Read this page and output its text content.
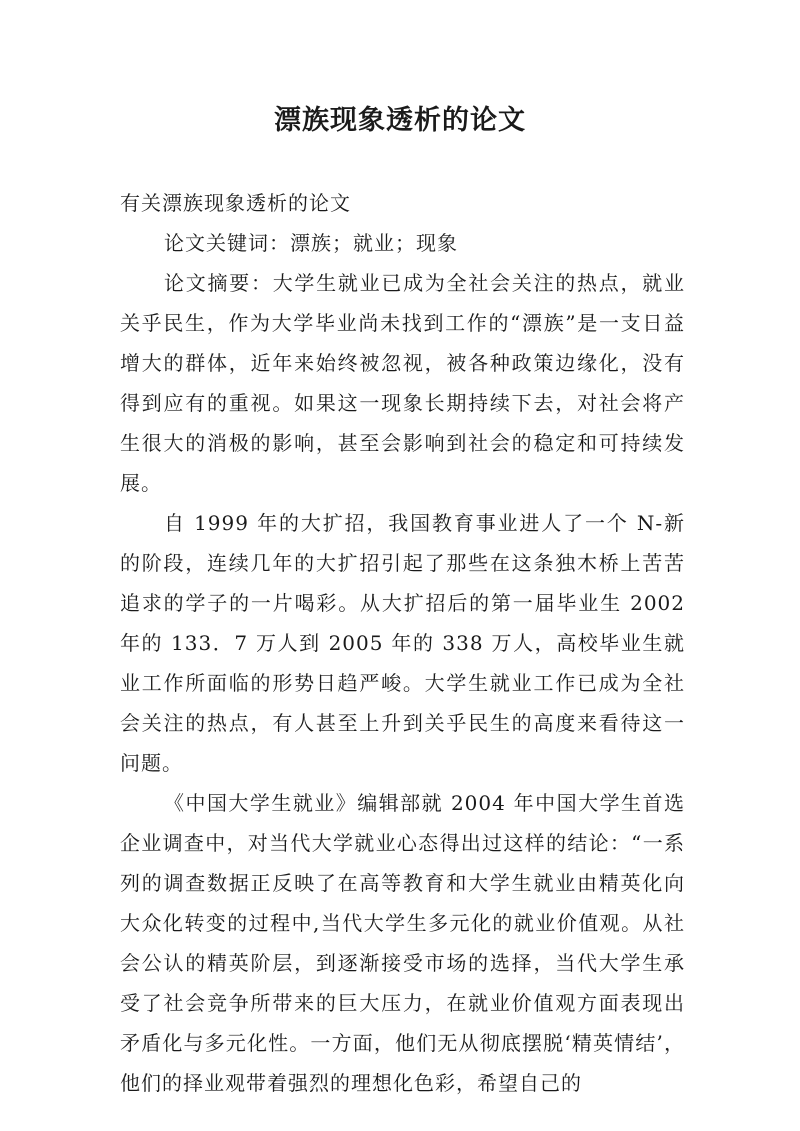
漂族现象透析的论文

有关漂族现象透析的论文

论文关键词：漂族；就业；现象

论文摘要：大学生就业已成为全社会关注的热点，就业关乎民生，作为大学毕业尚未找到工作的“漂族”是一支日益增大的群体，近年来始终被忽视，被各种政策边缘化，没有得到应有的重视。如果这一现象长期持续下去，对社会将产生很大的消极的影响，甚至会影响到社会的稳定和可持续发展。

自 1999 年的大扩招，我国教育事业进人了一个 N-新的阶段，连续几年的大扩招引起了那些在这条独木桥上苦苦追求的学子的一片喝彩。从大扩招后的第一届毕业生 2002 年的 133．7 万人到 2005 年的 338 万人，高校毕业生就业工作所面临的形势日趋严峻。大学生就业工作已成为全社会关注的热点，有人甚至上升到关乎民生的高度来看待这一问题。

《中国大学生就业》编辑部就 2004 年中国大学生首选企业调查中，对当代大学就业心态得出过这样的结论：“一系列的调查数据正反映了在高等教育和大学生就业由精英化向大众化转变的过程中,当代大学生多元化的就业价值观。从社会公认的精英阶层，到逐渐接受市场的选择，当代大学生承受了社会竞争所带来的巨大压力，在就业价值观方面表现出矛盾化与多元化性。一方面，他们无从彻底摆脱‘精英情结’，他们的择业观带着强烈的理想化色彩，希望自己的
